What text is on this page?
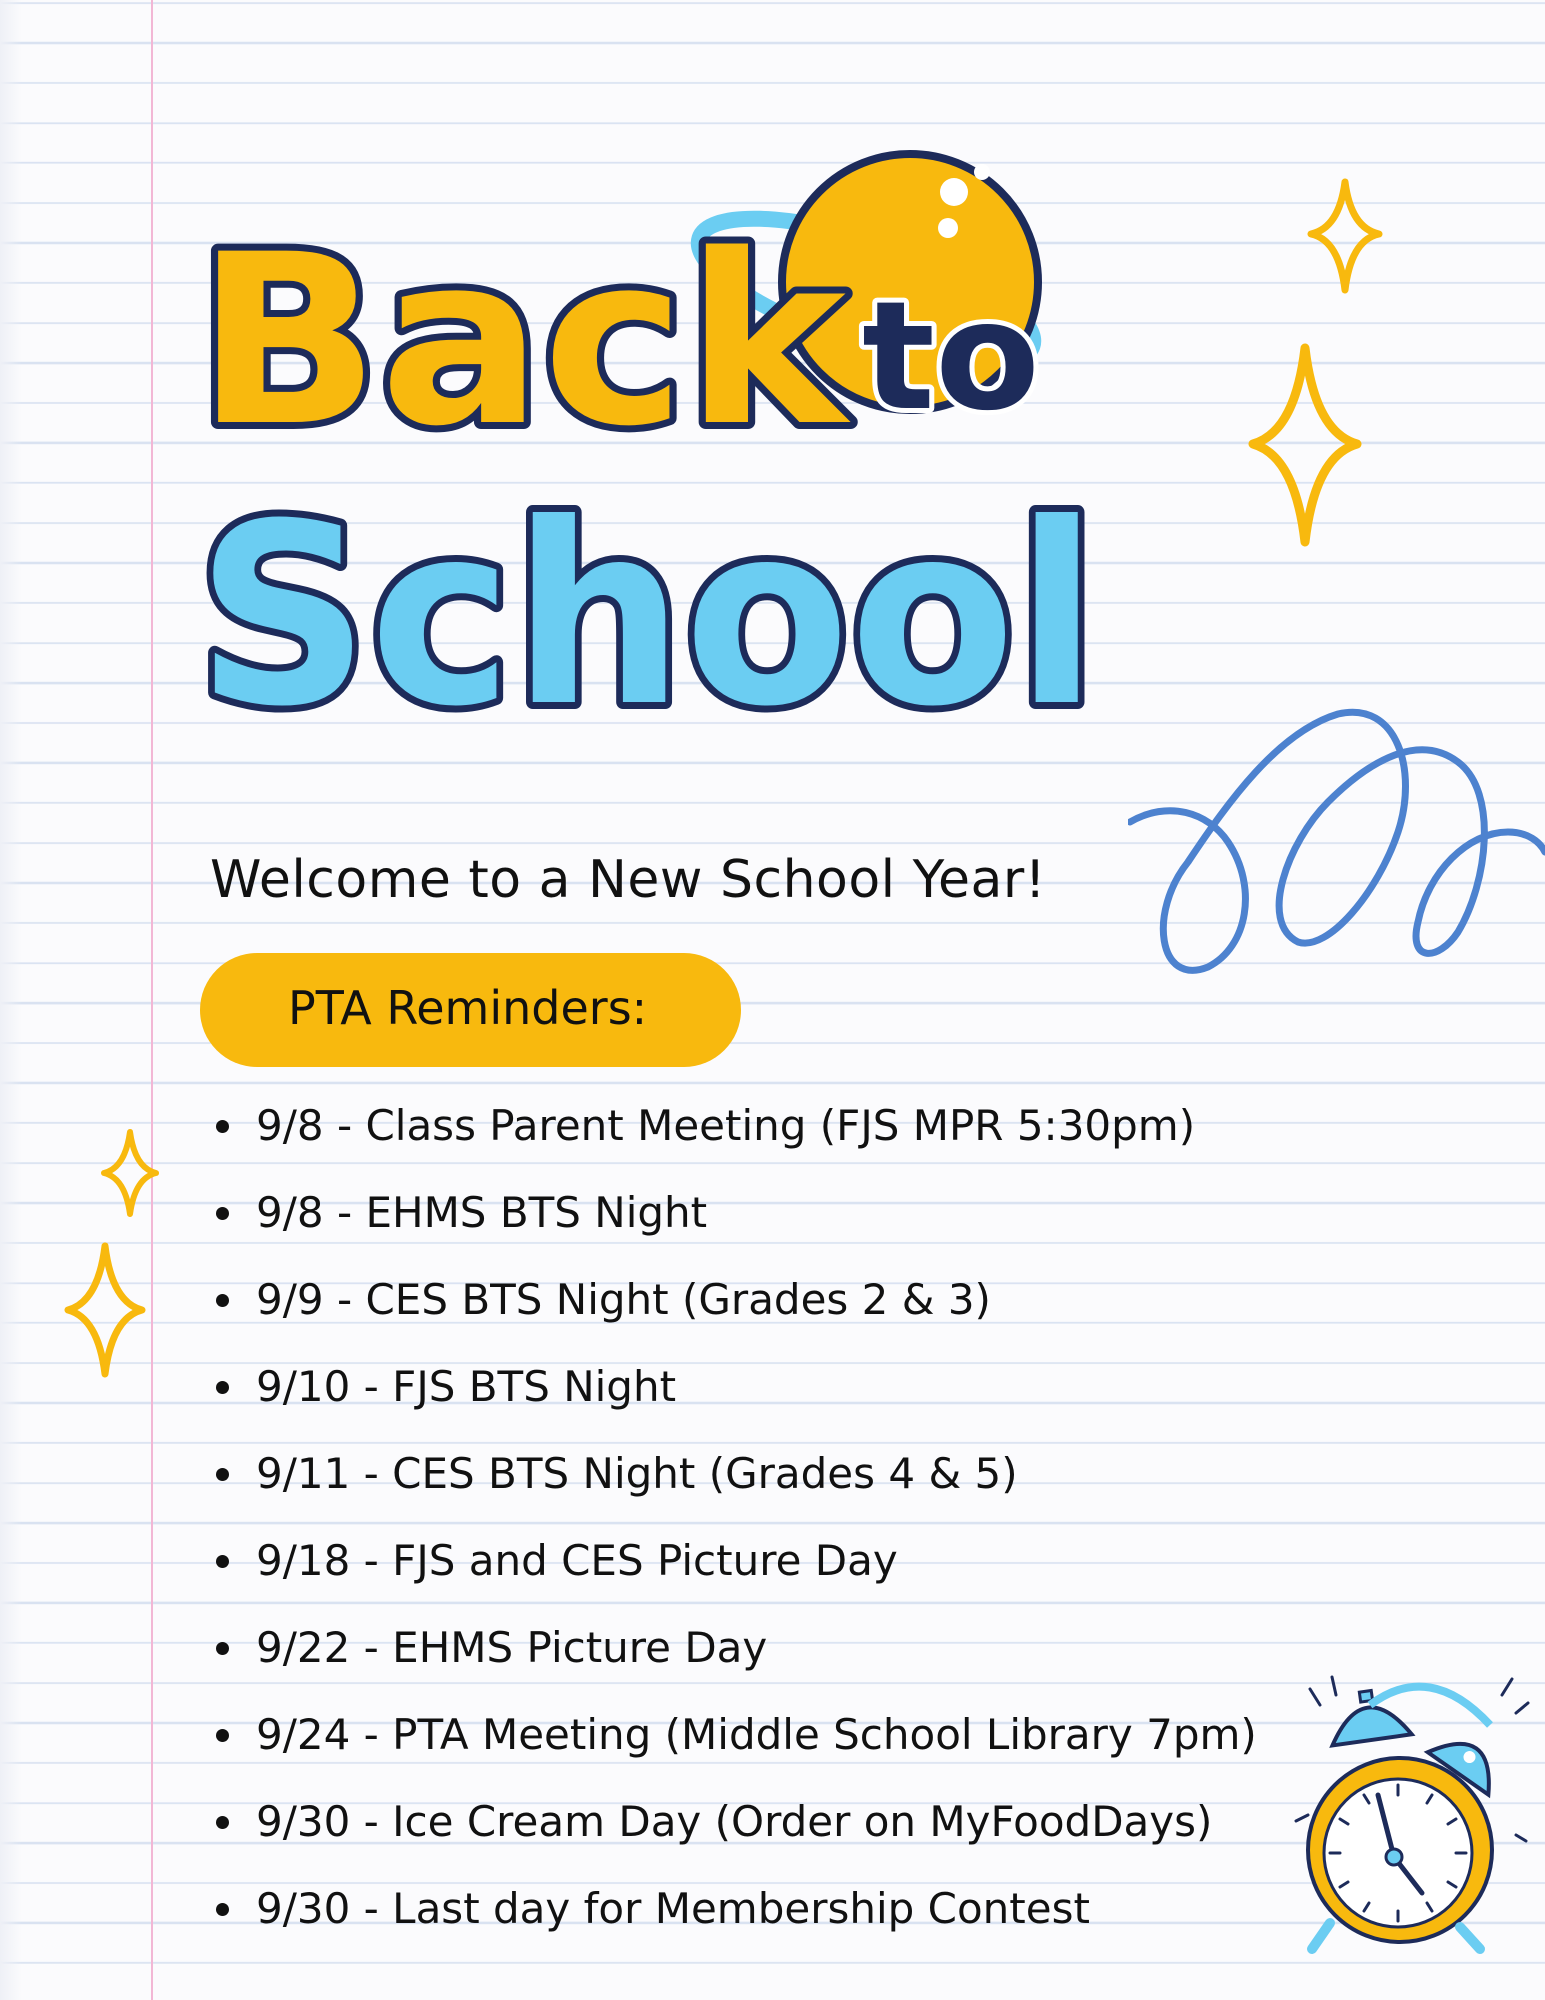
Back to
School
Welcome to a New School Year!
PTA Reminders:
9/8 - Class Parent Meeting (FJS MPR 5:30pm)
9/8 - EHMS BTS Night
9/9 - CES BTS Night (Grades 2 & 3)
9/10 - FJS BTS Night
9/11 - CES BTS Night (Grades 4 & 5)
9/18 - FJS and CES Picture Day
9/22 - EHMS Picture Day
9/24 - PTA Meeting (Middle School Library 7pm)
9/30 - Ice Cream Day (Order on MyFoodDays)
9/30 - Last day for Membership Contest
